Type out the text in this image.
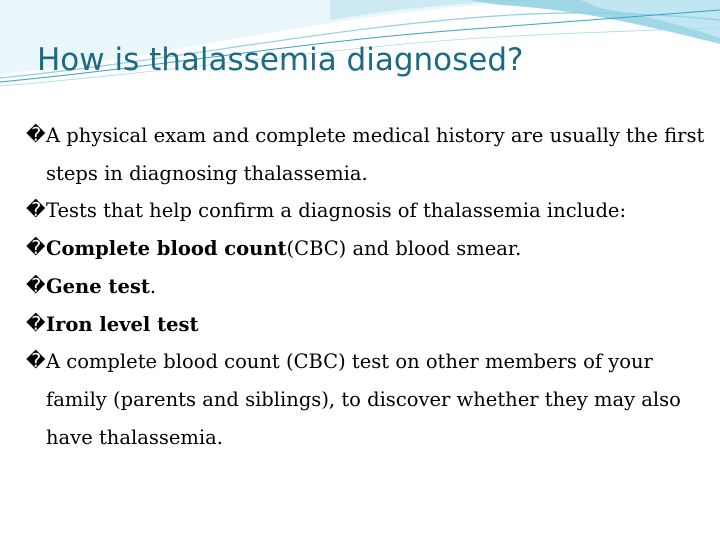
How is thalassemia diagnosed?

� A physical exam and complete medical history are usually the first steps in diagnosing thalassemia.

� Tests that help confirm a diagnosis of thalassemia include:

� Complete blood count(CBC) and blood smear.

� Gene test.

� Iron level test

� A complete blood count (CBC) test on other members of your family (parents and siblings), to discover whether they may also have thalassemia.
